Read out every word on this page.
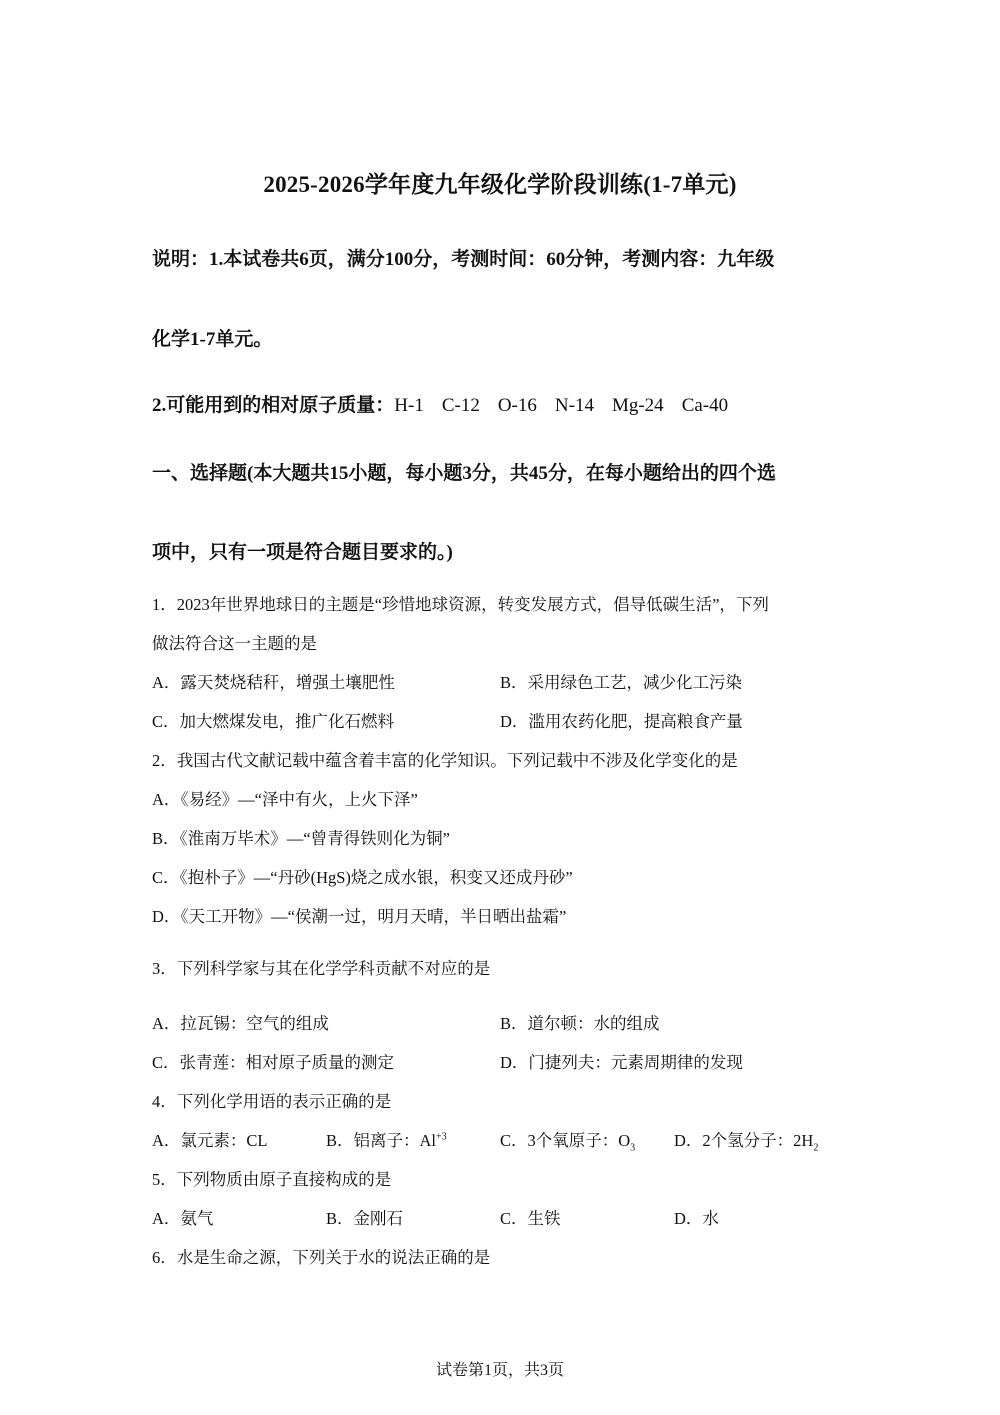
2025-2026学年度九年级化学阶段训练(1-7单元)
说明：1.本试卷共6页，满分100分，考测时间：60分钟，考测内容：九年级
化学1-7单元。
2.可能用到的相对原子质量：H-1 C-12 O-16 N-14 Mg-24 Ca-40
一、选择题(本大题共15小题，每小题3分，共45分，在每小题给出的四个选
项中，只有一项是符合题目要求的。)
1．2023年世界地球日的主题是“珍惜地球资源，转变发展方式，倡导低碳生活”，下列
做法符合这一主题的是
A．露天焚烧秸秆，增强土壤肥性	B．采用绿色工艺，减少化工污染
C．加大燃煤发电，推广化石燃料	D．滥用农药化肥，提高粮食产量
2．我国古代文献记载中蕴含着丰富的化学知识。下列记载中不涉及化学变化的是
A．《易经》—“泽中有火，上火下泽”
B．《淮南万毕术》—“曾青得铁则化为铜”
C．《抱朴子》—“丹砂(HgS)烧之成水银，积变又还成丹砂”
D．《天工开物》—“侯潮一过，明月天晴，半日晒出盐霜”
3．下列科学家与其在化学学科贡献不对应的是
A．拉瓦锡：空气的组成	B．道尔顿：水的组成
C．张青莲：相对原子质量的测定	D．门捷列夫：元素周期律的发现
4．下列化学用语的表示正确的是
A．氯元素：CL	B．铝离子：$Al^{+3}$	C．3个氧原子：$O_3$ D．2个氢分子：$2H_2$
5．下列物质由原子直接构成的是
A．氨气	B．金刚石	C．生铁	D．水
6．水是生命之源，下列关于水的说法正确的是
试卷第1页，共3页
